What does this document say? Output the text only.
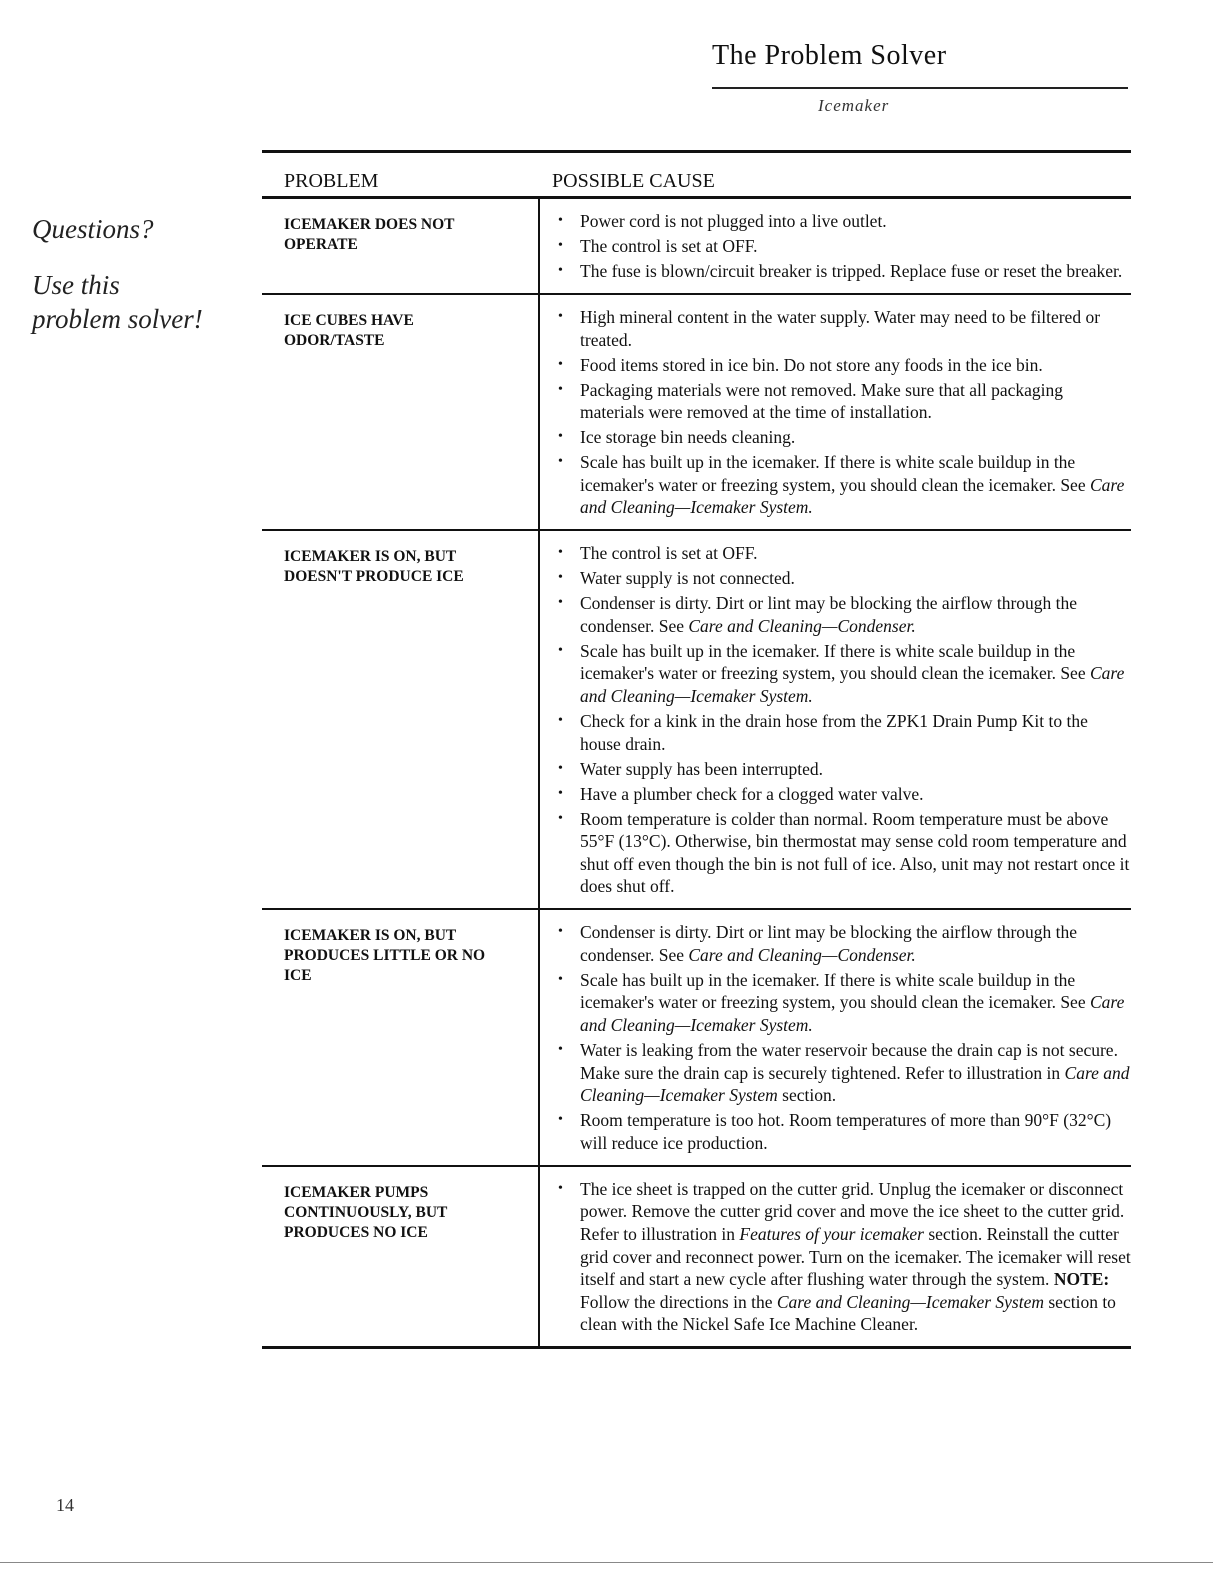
The Problem Solver
Icemaker
Questions?
Use this
problem solver!
PROBLEM	POSSIBLE CAUSE
ICEMAKER DOES NOT OPERATE
• Power cord is not plugged into a live outlet.
• The control is set at OFF.
• The fuse is blown/circuit breaker is tripped. Replace fuse or reset the breaker.
ICE CUBES HAVE ODOR/TASTE
• High mineral content in the water supply. Water may need to be filtered or treated.
• Food items stored in ice bin. Do not store any foods in the ice bin.
• Packaging materials were not removed. Make sure that all packaging materials were removed at the time of installation.
• Ice storage bin needs cleaning.
• Scale has built up in the icemaker. If there is white scale buildup in the icemaker's water or freezing system, you should clean the icemaker. See Care and Cleaning—Icemaker System.
ICEMAKER IS ON, BUT DOESN'T PRODUCE ICE
• The control is set at OFF.
• Water supply is not connected.
• Condenser is dirty. Dirt or lint may be blocking the airflow through the condenser. See Care and Cleaning—Condenser.
• Scale has built up in the icemaker. If there is white scale buildup in the icemaker's water or freezing system, you should clean the icemaker. See Care and Cleaning—Icemaker System.
• Check for a kink in the drain hose from the ZPK1 Drain Pump Kit to the house drain.
• Water supply has been interrupted.
• Have a plumber check for a clogged water valve.
• Room temperature is colder than normal. Room temperature must be above 55°F (13°C). Otherwise, bin thermostat may sense cold room temperature and shut off even though the bin is not full of ice. Also, unit may not restart once it does shut off.
ICEMAKER IS ON, BUT PRODUCES LITTLE OR NO ICE
• Condenser is dirty. Dirt or lint may be blocking the airflow through the condenser. See Care and Cleaning—Condenser.
• Scale has built up in the icemaker. If there is white scale buildup in the icemaker's water or freezing system, you should clean the icemaker. See Care and Cleaning—Icemaker System.
• Water is leaking from the water reservoir because the drain cap is not secure. Make sure the drain cap is securely tightened. Refer to illustration in Care and Cleaning—Icemaker System section.
• Room temperature is too hot. Room temperatures of more than 90°F (32°C) will reduce ice production.
ICEMAKER PUMPS CONTINUOUSLY, BUT PRODUCES NO ICE
• The ice sheet is trapped on the cutter grid. Unplug the icemaker or disconnect power. Remove the cutter grid cover and move the ice sheet to the cutter grid. Refer to illustration in Features of your icemaker section. Reinstall the cutter grid cover and reconnect power. Turn on the icemaker. The icemaker will reset itself and start a new cycle after flushing water through the system. NOTE: Follow the directions in the Care and Cleaning—Icemaker System section to clean with the Nickel Safe Ice Machine Cleaner.
14
